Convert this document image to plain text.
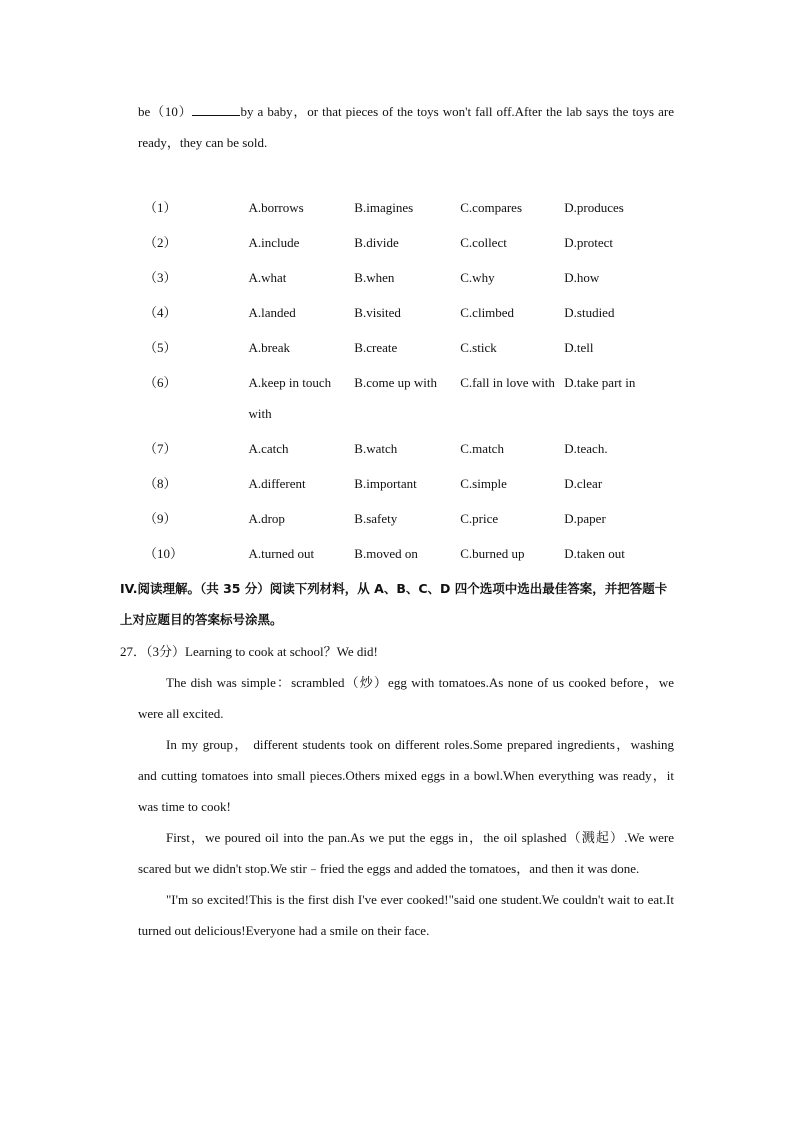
be（10）	by a baby，or that pieces of the toys won't fall off.After the lab says the toys are ready，they can be sold.
（1）	A.borrows	B.imagines	C.compares	D.produces
（2）	A.include	B.divide	C.collect	D.protect
（3）	A.what	B.when	C.why	D.how
（4）	A.landed	B.visited	C.climbed	D.studied
（5）	A.break	B.create	C.stick	D.tell
（6）	A.keep in touch with	B.come up with	C.fall in love with	D.take part in
（7）	A.catch	B.watch	C.match	D.teach.
（8）	A.different	B.important	C.simple	D.clear
（9）	A.drop	B.safety	C.price	D.paper
（10）	A.turned out	B.moved on	C.burned up	D.taken out
IV.阅读理解。（共 35 分）阅读下列材料，从 A、B、C、D 四个选项中选出最佳答案，并把答题卡上对应题目的答案标号涂黑。
27．（3分）Learning to cook at school？We did!

The dish was simple：scrambled（炒）egg with tomatoes.As none of us cooked before，we were all excited.

In my group， different students took on different roles.Some prepared ingredients，washing and cutting tomatoes into small pieces.Others mixed eggs in a bowl.When everything was ready，it was time to cook!

First，we poured oil into the pan.As we put the eggs in，the oil splashed（溅起）.We were scared but we didn't stop.We stir﹣fried the eggs and added the tomatoes，and then it was done.

"I'm so excited!This is the first dish I've ever cooked!"said one student.We couldn't wait to eat.It turned out delicious!Everyone had a smile on their face.
